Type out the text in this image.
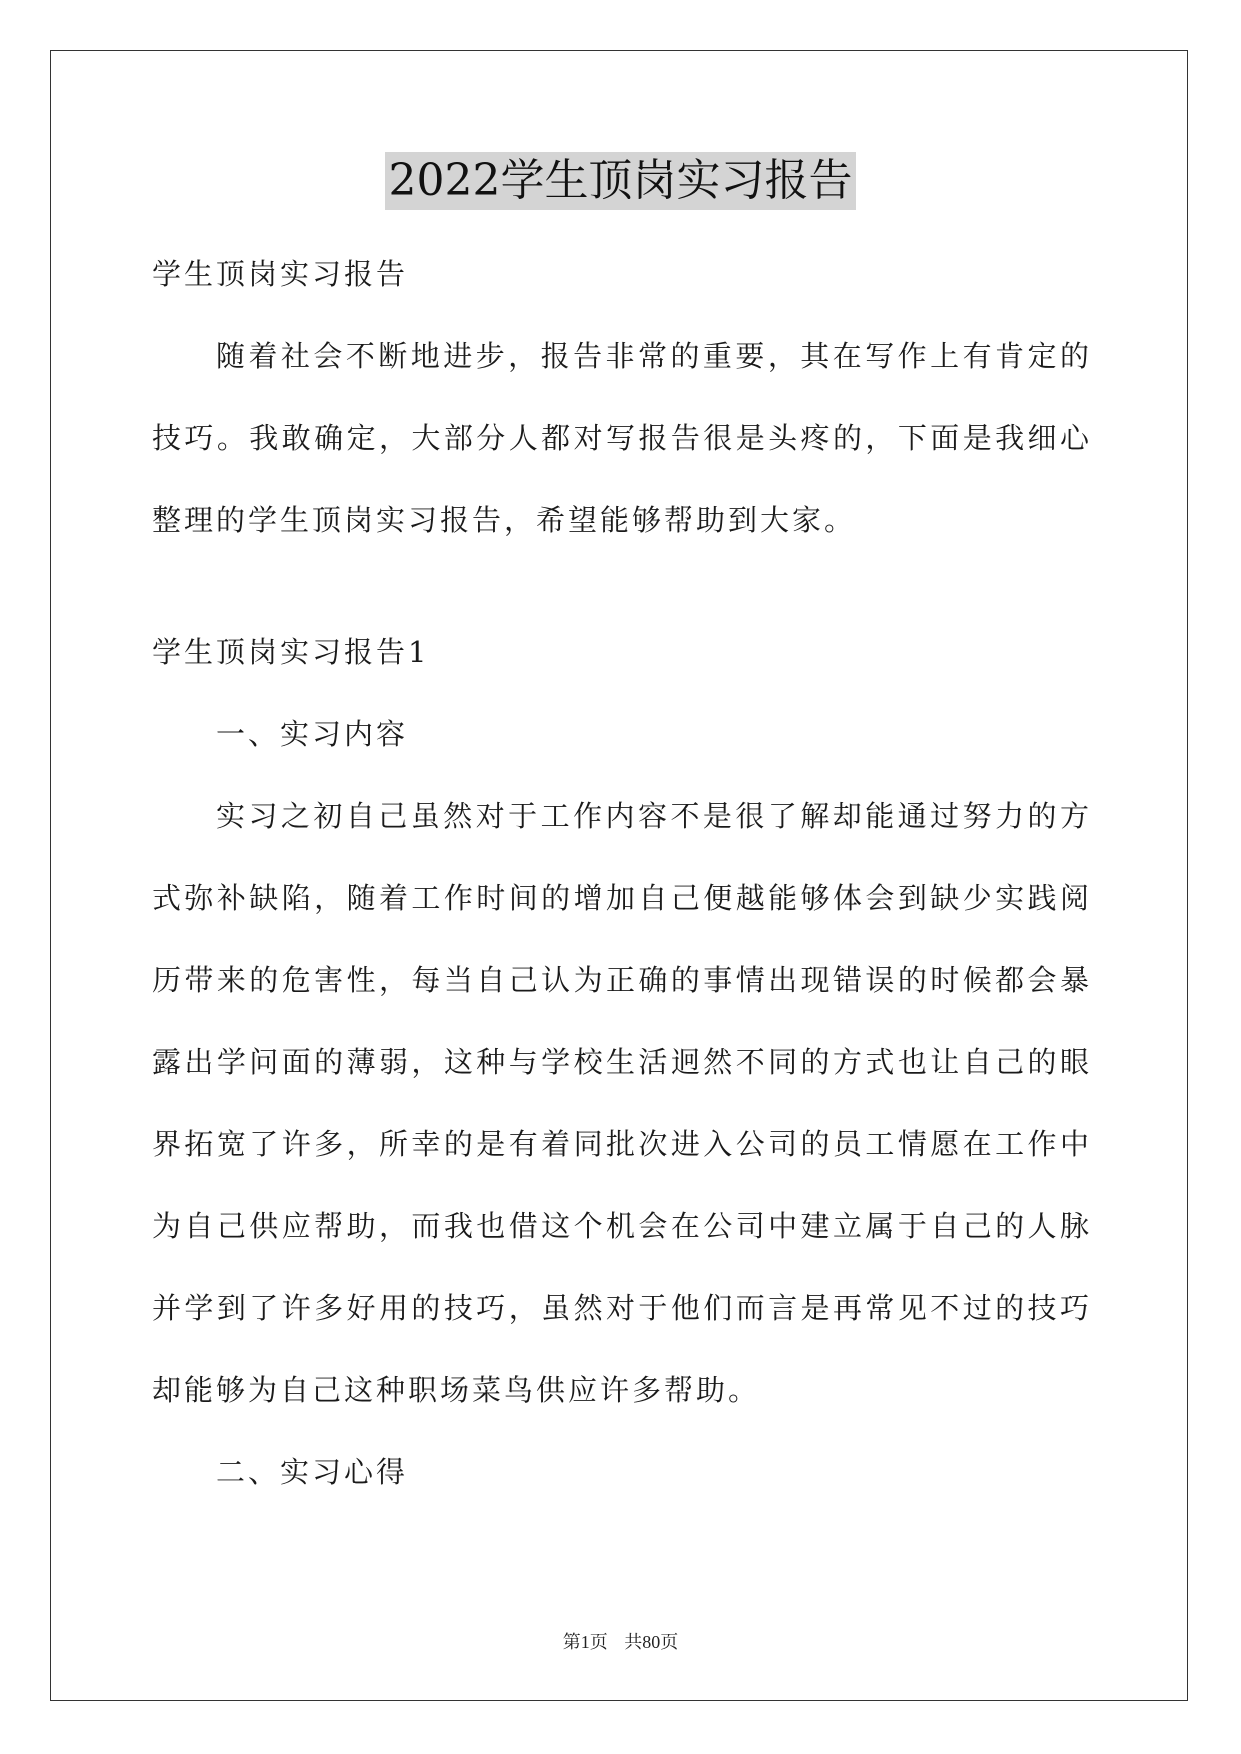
2022学生顶岗实习报告

学生顶岗实习报告

随着社会不断地进步，报告非常的重要，其在写作上有肯定的技巧。我敢确定，大部分人都对写报告很是头疼的，下面是我细心整理的学生顶岗实习报告，希望能够帮助到大家。

学生顶岗实习报告1

一、实习内容

实习之初自己虽然对于工作内容不是很了解却能通过努力的方式弥补缺陷，随着工作时间的增加自己便越能够体会到缺少实践阅历带来的危害性，每当自己认为正确的事情出现错误的时候都会暴露出学问面的薄弱，这种与学校生活迥然不同的方式也让自己的眼界拓宽了许多，所幸的是有着同批次进入公司的员工情愿在工作中为自己供应帮助，而我也借这个机会在公司中建立属于自己的人脉并学到了许多好用的技巧，虽然对于他们而言是再常见不过的技巧却能够为自己这种职场菜鸟供应许多帮助。

二、实习心得

第1页 共80页
